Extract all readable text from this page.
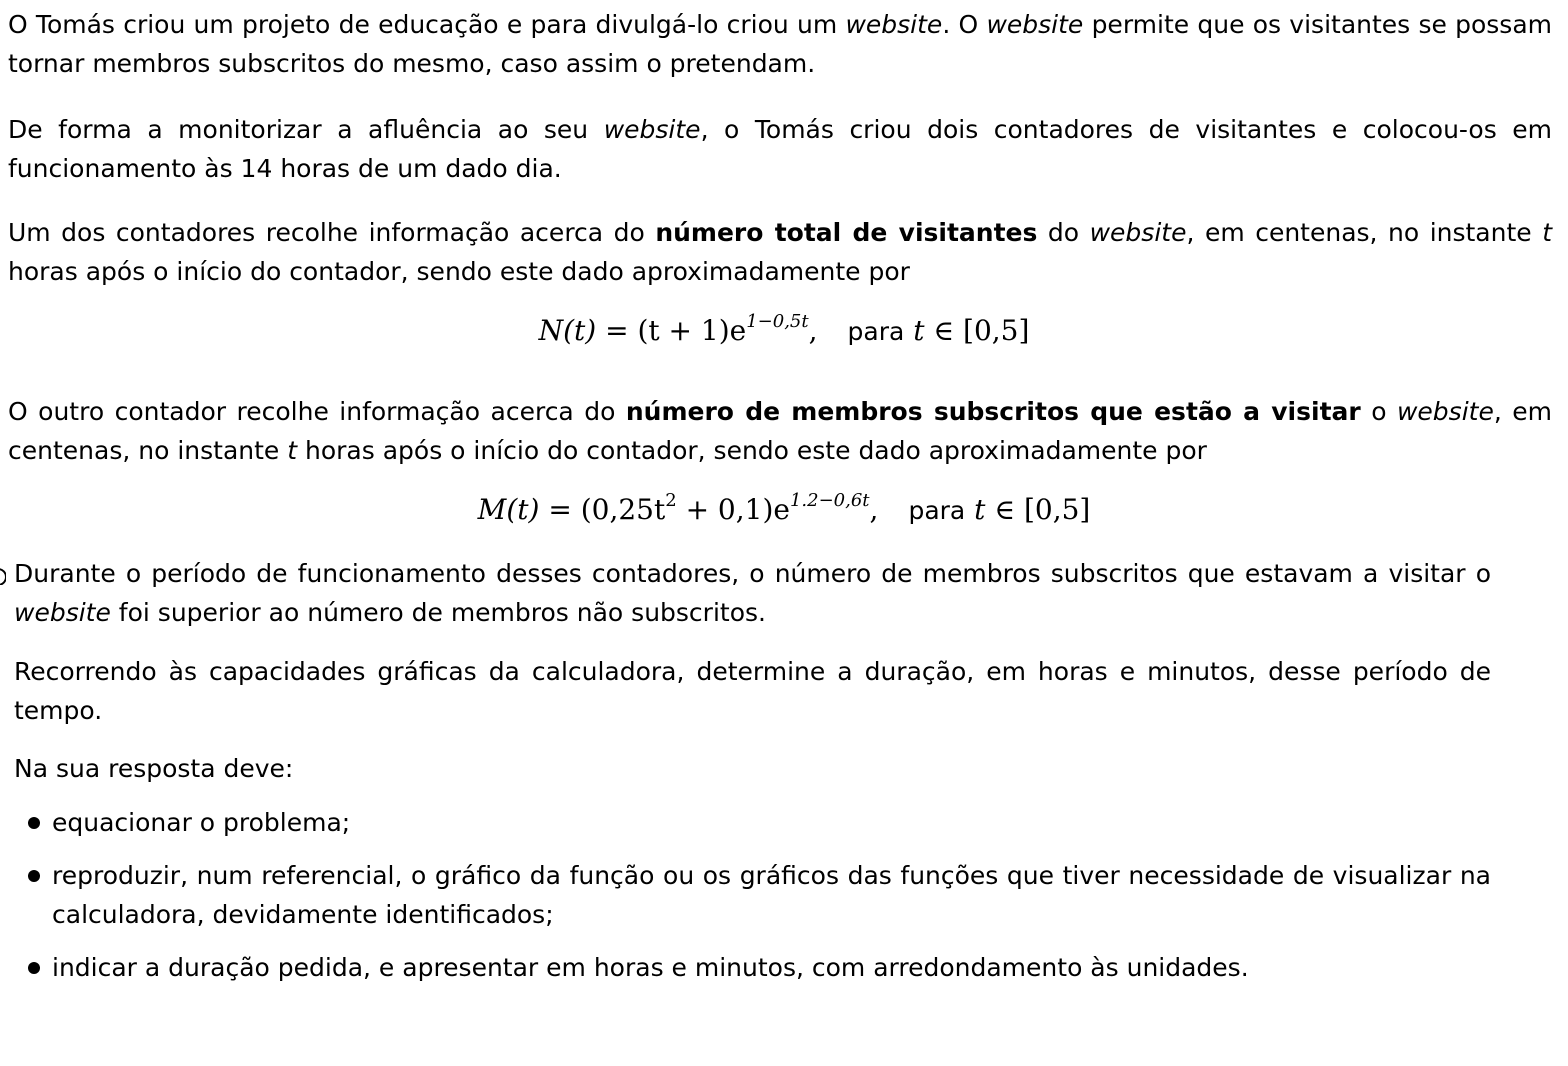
O Tomás criou um projeto de educação e para divulgá-lo criou um website. O website permite que os visitantes se possam tornar membros subscritos do mesmo, caso assim o pretendam.

De forma a monitorizar a afluência ao seu website, o Tomás criou dois contadores de visitantes e colocou-os em funcionamento às 14 horas de um dado dia.

Um dos contadores recolhe informação acerca do número total de visitantes do website, em centenas, no instante t horas após o início do contador, sendo este dado aproximadamente por

$N(t) = (t + 1)e^{1-0,5t}$, para t ∈ [0,5]

O outro contador recolhe informação acerca do número de membros subscritos que estão a visitar o website, em centenas, no instante t horas após o início do contador, sendo este dado aproximadamente por

$M(t) = (0,25t^2 + 0,1)e^{1.2-0,6t}$, para t ∈ [0,5]

Durante o período de funcionamento desses contadores, o número de membros subscritos que estavam a visitar o website foi superior ao número de membros não subscritos.

Recorrendo às capacidades gráficas da calculadora, determine a duração, em horas e minutos, desse período de tempo.

Na sua resposta deve:

equacionar o problema;
reproduzir, num referencial, o gráfico da função ou os gráficos das funções que tiver necessidade de visualizar na calculadora, devidamente identificados;
indicar a duração pedida, e apresentar em horas e minutos, com arredondamento às unidades.
